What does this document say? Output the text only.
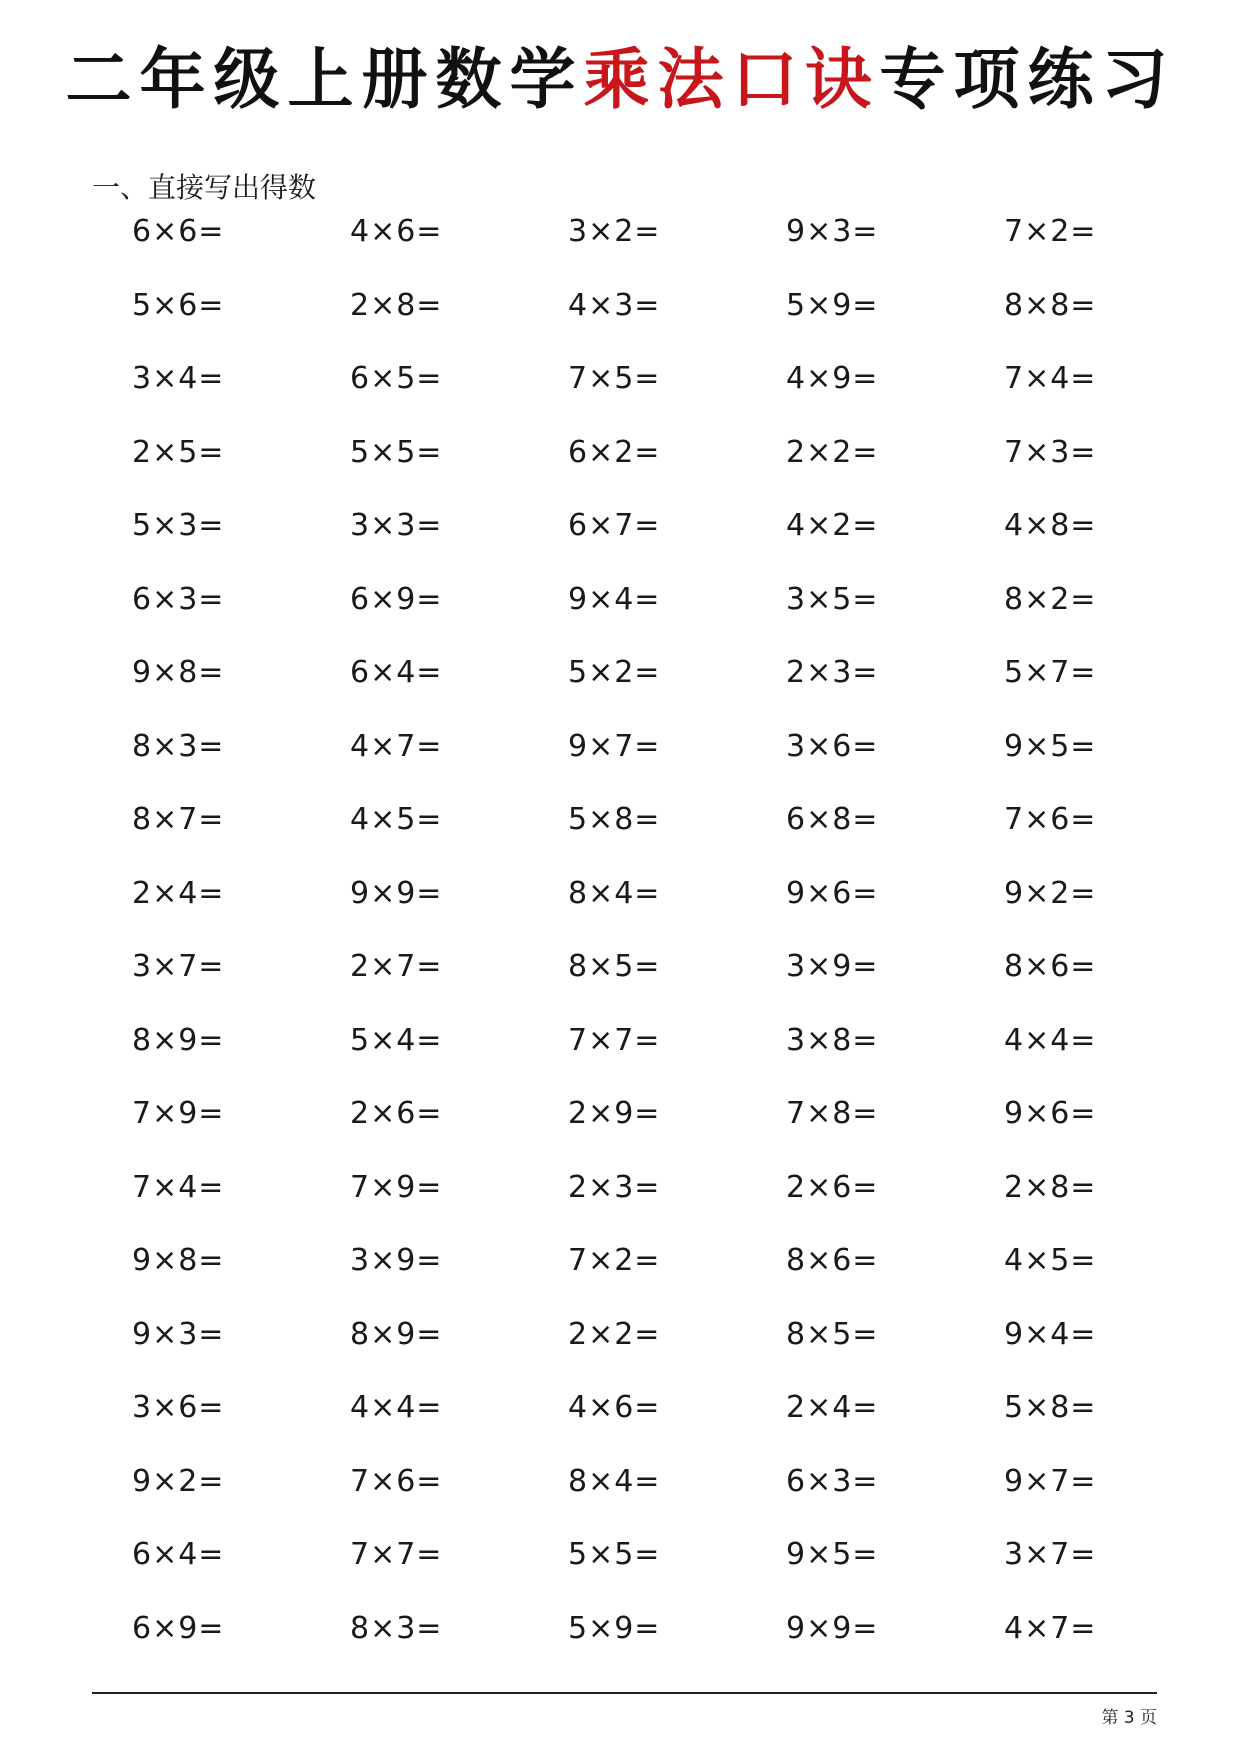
二年级上册数学乘法口诀专项练习
一、直接写出得数
6×6=	4×6=	3×2=	9×3=	7×2=
5×6=	2×8=	4×3=	5×9=	8×8=
3×4=	6×5=	7×5=	4×9=	7×4=
2×5=	5×5=	6×2=	2×2=	7×3=
5×3=	3×3=	6×7=	4×2=	4×8=
6×3=	6×9=	9×4=	3×5=	8×2=
9×8=	6×4=	5×2=	2×3=	5×7=
8×3=	4×7=	9×7=	3×6=	9×5=
8×7=	4×5=	5×8=	6×8=	7×6=
2×4=	9×9=	8×4=	9×6=	9×2=
3×7=	2×7=	8×5=	3×9=	8×6=
8×9=	5×4=	7×7=	3×8=	4×4=
7×9=	2×6=	2×9=	7×8=	9×6=
7×4=	7×9=	2×3=	2×6=	2×8=
9×8=	3×9=	7×2=	8×6=	4×5=
9×3=	8×9=	2×2=	8×5=	9×4=
3×6=	4×4=	4×6=	2×4=	5×8=
9×2=	7×6=	8×4=	6×3=	9×7=
6×4=	7×7=	5×5=	9×5=	3×7=
6×9=	8×3=	5×9=	9×9=	4×7=
第 3 页
